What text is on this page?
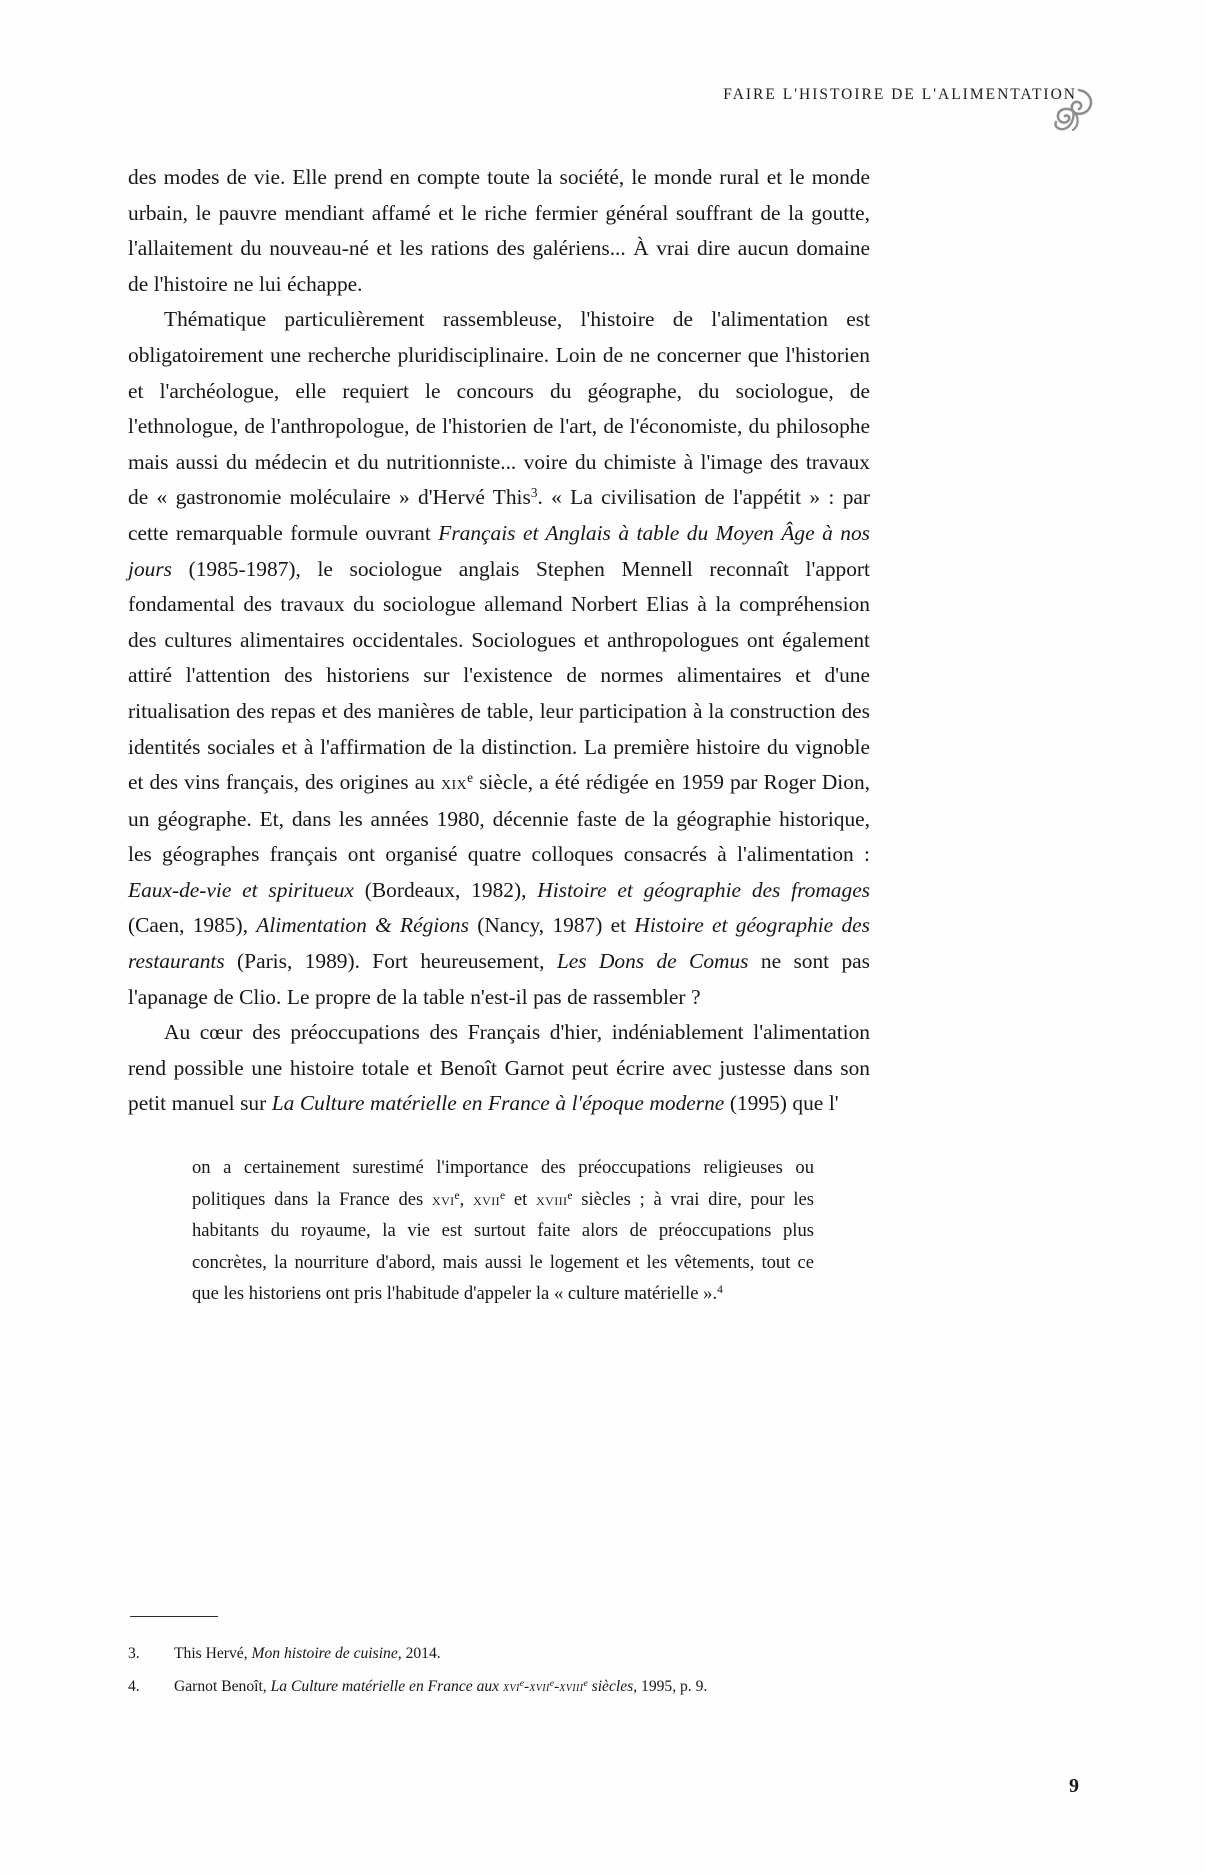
FAIRE L'HISTOIRE DE L'ALIMENTATION

des modes de vie. Elle prend en compte toute la société, le monde rural et le monde urbain, le pauvre mendiant affamé et le riche fermier général souffrant de la goutte, l'allaitement du nouveau-né et les rations des galériens... À vrai dire aucun domaine de l'histoire ne lui échappe.

Thématique particulièrement rassembleuse, l'histoire de l'alimentation est obligatoirement une recherche pluridisciplinaire. Loin de ne concerner que l'historien et l'archéologue, elle requiert le concours du géographe, du sociologue, de l'ethnologue, de l'anthropologue, de l'historien de l'art, de l'économiste, du philosophe mais aussi du médecin et du nutritionniste... voire du chimiste à l'image des travaux de « gastronomie moléculaire » d'Hervé This$^3$. « La civilisation de l'appétit » : par cette remarquable formule ouvrant Français et Anglais à table du Moyen Âge à nos jours (1985-1987), le sociologue anglais Stephen Mennell reconnaît l'apport fondamental des travaux du sociologue allemand Norbert Elias à la compréhension des cultures alimentaires occidentales. Sociologues et anthropologues ont également attiré l'attention des historiens sur l'existence de normes alimentaires et d'une ritualisation des repas et des manières de table, leur participation à la construction des identités sociales et à l'affirmation de la distinction. La première histoire du vignoble et des vins français, des origines au xix$^e$ siècle, a été rédigée en 1959 par Roger Dion, un géographe. Et, dans les années 1980, décennie faste de la géographie historique, les géographes français ont organisé quatre colloques consacrés à l'alimentation : Eaux-de-vie et spiritueux (Bordeaux, 1982), Histoire et géographie des fromages (Caen, 1985), Alimentation & Régions (Nancy, 1987) et Histoire et géographie des restaurants (Paris, 1989). Fort heureusement, Les Dons de Comus ne sont pas l'apanage de Clio. Le propre de la table n'est-il pas de rassembler ?

Au cœur des préoccupations des Français d'hier, indéniablement l'alimentation rend possible une histoire totale et Benoît Garnot peut écrire avec justesse dans son petit manuel sur La Culture matérielle en France à l'époque moderne (1995) que l'

on a certainement surestimé l'importance des préoccupations religieuses ou politiques dans la France des xvi$^e$, xvii$^e$ et xviii$^e$ siècles ; à vrai dire, pour les habitants du royaume, la vie est surtout faite alors de préoccupations plus concrètes, la nourriture d'abord, mais aussi le logement et les vêtements, tout ce que les historiens ont pris l'habitude d'appeler la « culture matérielle ».$^4$

3.	This Hervé, Mon histoire de cuisine, 2014.
4.	Garnot Benoît, La Culture matérielle en France aux xvi$^e$-xvii$^e$-xviii$^e$ siècles, 1995, p. 9.
9
